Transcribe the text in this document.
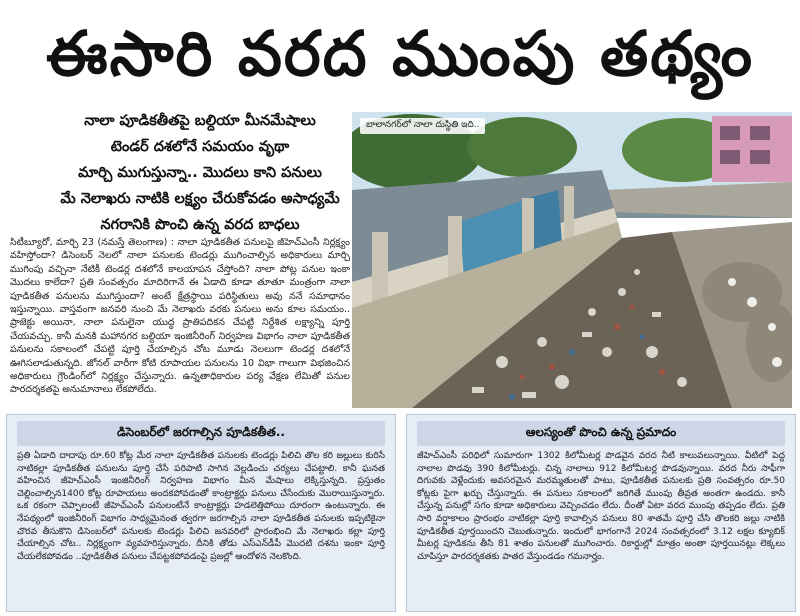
ఈసారి వరద ముంపు తథ్యం
నాలా పూడికతీతపై బల్దియా మీనమేషాలు
టెండర్ దశలోనే సమయం వృథా
మార్చి ముగుస్తున్నా.. మొదలు కాని పనులు
మే నెలాఖరు నాటికి లక్ష్యం చేరుకోవడం అసాధ్యమే
నగరానికి పొంచి ఉన్న వరద బాధలు

సిటీబ్యూరో, మార్చి 23 (నమస్తే తెలంగాణ) : నాలా పూడికతీత పనులపై జీహెచ్ఎంసీ నిర్లక్ష్యం వహిస్తోందా? డిసెంబర్ నెలలో నాలా పనులకు టెండర్లు ముగించాల్సిన అధికారులు మార్చి ముగింపు వచ్చినా నేటికీ టెండర్ల దశలోనే కాలయాపన చేస్తోంది? నాలా పోట్ల పనుల ఇంకా మొదలు కాలేదా? ప్రతి సంవత్సరం మాదిరిగానే ఈ ఏడాది కూడా తూతూ మంత్రంగా నాలా పూడికతీత పనులను ముగిస్తుందా? అంటే క్షేత్రస్థాయి పరిస్థితులు అవు ననే సమాధానం ఇస్తున్నాయి. వాస్తవంగా జనవరి నుంచి మే నెలాఖరు వరకు పనులు అను కూల సమయం.. ప్రాజెక్టు అయినా, నాలా పనులైనా యుద్ధ ప్రాతిపదికన చేపట్టి నిర్దేశిత లక్ష్యాన్ని పూర్తి చేయవచ్చు. కానీ మనకి మహానగర బల్దియా ఇంజినీరింగ్ నిర్వహణ విభాగం నాలా పూడికతీత పనులను సకాలంలో చేపట్టి పూర్తి చేయాల్సిన చోట మూడు నెలలుగా టెండర్ల దశలోనే ఊగిసలాడుతున్నది. జోనల్ వారీగా కోటి రూపాయల పనులను 10 విభా గాలుగా విభజించిన అధికారులు గ్రౌండింగ్‌లో నిర్లక్ష్యం చేస్తున్నారు. ఉన్నతాధికారుల పర్య వేక్షణ లేమితో పనుల పారదర్శకతపై అనుమానాలు లేకపోలేదు.

బాలానగర్‌లో నాలా దుస్థితి ఇది..
డిసెంబర్‌లో జరగాల్సిన పూడికతీత..
ప్రతి ఏడాది దాదాపు రూ.60 కోట్ల మేర నాలా పూడికతీత పనులకు టెండర్లు పిలిచి తొల కరి జల్లులు కురిసే నాటికల్లా పూడికతీత పనులను పూర్తి చేసే పరిపాటి సాగిన వెల్లడించు చర్యలు చేపట్టాలి. కానీ ఘనత వహించిన జీహెచ్ఎంసీ ఇంజినీరింగ్ నిర్వహణ విభాగం మీన మేషాలు లెక్కిస్తున్నది. ప్రస్తుతం చెల్లించాల్సిన1400 కోట్ల రూపాయలు అందకపోవడంతో కాంట్రాక్టర్లు పనులు చేసేందుకు మొరాయిస్తున్నారు. ఒక రకంగా చెప్పాలంటే జీహెచ్ఎంసీ పనులంటేనే కాంట్రాక్టర్లు హడలెత్తిపోయి దూరంగా ఉంటున్నారు. ఈ నేపథ్యంలో ఇంజినీరింగ్ విభాగం సాధ్యమైనంత త్వరగా జరగాల్సిన నాలా పూడికతీత పనులకు ఇప్పటికైనా చొరవ తీసుకొని డిసెంబర్‌లో పనులకు టెండర్లు పిలిచి జనవరిలో ప్రారంభించి మే నెలాఖరు కల్లా పూర్తి చేయాల్సిన చోట.. నిర్లక్ష్యంగా వ్యవహరిస్తున్నారు. దీనికి తోడు ఎస్ఎన్‌డీపీ మొదటి దశను ఇంకా పూర్తి చేయలేకపోవడం ..పూడికతీత పనులు చేపట్టకపోవడంపై ప్రజల్లో ఆందోళన నెలకొంది.
ఆలస్యంతో పొంచి ఉన్న ప్రమాదం
జీహెచ్ఎంసీ పరిధిలో సుమారుగా 1302 కిలోమీటర్ల పొడవైన వరద నీటి కాలువలున్నాయి. వీటిలో పెద్ద నాలాల పొడవు 390 కిలోమీటర్లు. చిన్న నాలాలు 912 కిలోమీటర్ల పొడవున్నాయి. వరద నీరు సాఫీగా దిగువకు వెళ్లేందుకు అవసరమైన మరమ్మతులతో పాటు, పూడికతీత పనులకు ప్రతి సంవత్సరం రూ.50 కోట్లకు పైగా ఖర్చు చేస్తున్నారు. ఈ పనులు సకాలంలో జరిగితే ముంపు తీవ్రత అంతగా ఉండదు. కానీ చేస్తున్న పనుల్లో సగం కూడా అధికారులు వెచ్చించడం లేదు. దీంతో ఏటా వరద ముంపు తప్పడం లేదు. ప్రతి సారి వర్షాకాలం ప్రారంభం నాటికల్లా పూర్తి కావాల్సిన పనులు 80 శాతమే పూర్తి చేసి తొలకరి జల్లు నాటికి పూడికతీత పూర్తయిందని చెబుతున్నారు. ఇందులో భాగంగానే 2024 సంవత్సరంలో 3.12 లక్షల క్యూబిక్ మీటర్ల పూడికను తీసి 81 శాతం పనులతో ముగించారు. రికార్డుల్లో మాత్రం అంతా పూర్తయినట్లు లెక్కలు చూపిస్తూ పారదర్శకతకు పాతర వేస్తుండడం గమనార్హం.
